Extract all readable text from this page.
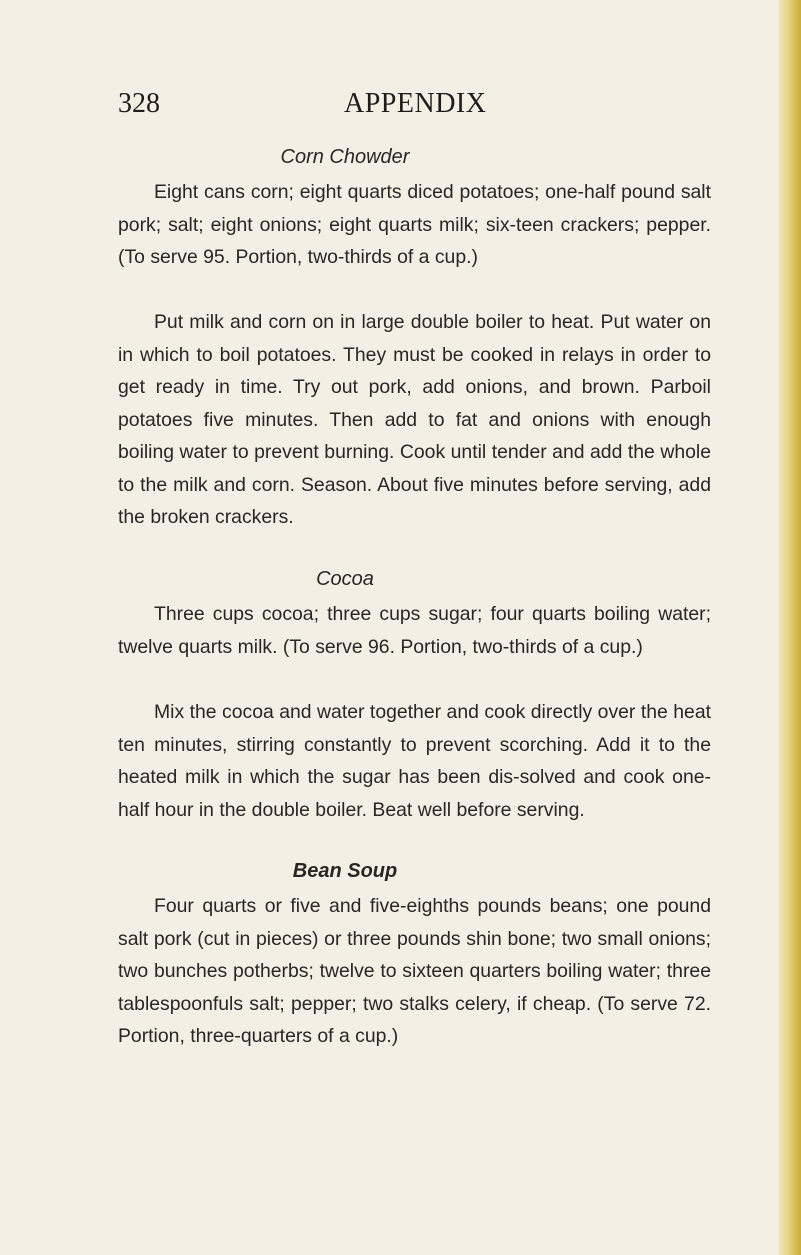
328	APPENDIX
Corn Chowder

Eight cans corn; eight quarts diced potatoes; one-half pound salt pork; salt; eight onions; eight quarts milk; six-teen crackers; pepper. (To serve 95. Portion, two-thirds of a cup.)

Put milk and corn on in large double boiler to heat. Put water on in which to boil potatoes. They must be cooked in relays in order to get ready in time. Try out pork, add onions, and brown. Parboil potatoes five minutes. Then add to fat and onions with enough boiling water to prevent burning. Cook until tender and add the whole to the milk and corn. Season. About five minutes before serving, add the broken crackers.

Cocoa

Three cups cocoa; three cups sugar; four quarts boiling water; twelve quarts milk. (To serve 96. Portion, two-thirds of a cup.)

Mix the cocoa and water together and cook directly over the heat ten minutes, stirring constantly to prevent scorching. Add it to the heated milk in which the sugar has been dis-solved and cook one-half hour in the double boiler. Beat well before serving.

Bean Soup

Four quarts or five and five-eighths pounds beans; one pound salt pork (cut in pieces) or three pounds shin bone; two small onions; two bunches potherbs; twelve to sixteen quarters boiling water; three tablespoonfuls salt; pepper; two stalks celery, if cheap. (To serve 72. Portion, three-quarters of a cup.)
